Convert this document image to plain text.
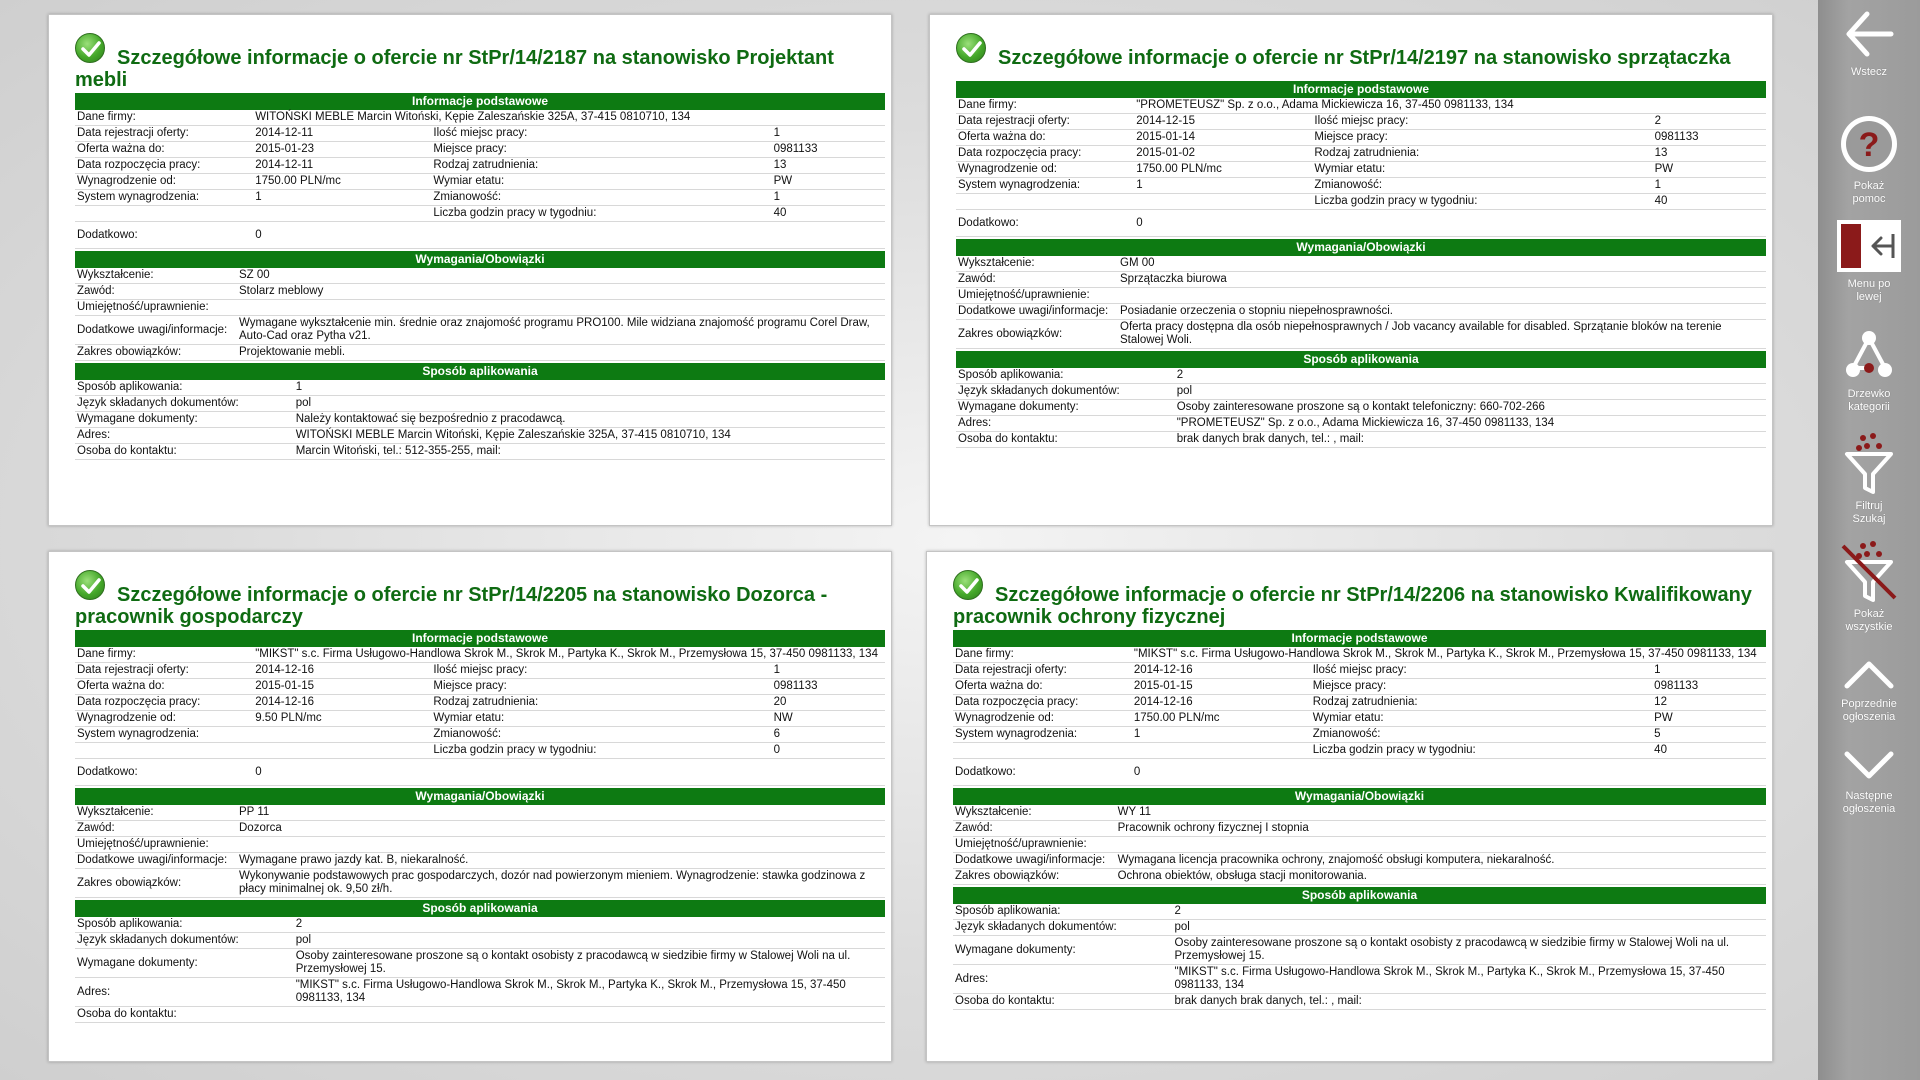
Szczegółowe informacje o ofercie nr StPr/14/2187 na stanowisko Projektant mebli
Informacje podstawowe
Dane firmy:	WITOŃSKI MEBLE Marcin Witoński, Kępie Zaleszańskie 325A, 37-415 0810710, 134		
Data rejestracji oferty:	2014-12-11	Ilość miejsc pracy:	1
Oferta ważna do:	2015-01-23	Miejsce pracy:	0981133
Data rozpoczęcia pracy:	2014-12-11	Rodzaj zatrudnienia:	13
Wynagrodzenie od:	1750.00 PLN/mc	Wymiar etatu:	PW
System wynagrodzenia:	1	Zmianowość:	1
		Liczba godzin pracy w tygodniu:	40
Dodatkowo:	0		
Wymagania/Obowiązki
Wykształcenie:	SZ 00
Zawód:	Stolarz meblowy
Umiejętność/uprawnienie:	
Dodatkowe uwagi/informacje:	Wymagane wykształcenie min. średnie oraz znajomość programu PRO100. Mile widziana znajomość programu Corel Draw, Auto-Cad oraz Pytha v21.
Zakres obowiązków:	Projektowanie mebli.
Sposób aplikowania
Sposób aplikowania:	1
Język składanych dokumentów:	pol
Wymagane dokumenty:	Należy kontaktować się bezpośrednio z pracodawcą.
Adres:	WITOŃSKI MEBLE Marcin Witoński, Kępie Zaleszańskie 325A, 37-415 0810710, 134
Osoba do kontaktu:	Marcin Witoński, tel.: 512-355-255, mail:
Szczegółowe informacje o ofercie nr StPr/14/2197 na stanowisko sprzątaczka
Informacje podstawowe
Dane firmy:	"PROMETEUSZ" Sp. z o.o., Adama Mickiewicza 16, 37-450 0981133, 134		
Data rejestracji oferty:	2014-12-15	Ilość miejsc pracy:	2
Oferta ważna do:	2015-01-14	Miejsce pracy:	0981133
Data rozpoczęcia pracy:	2015-01-02	Rodzaj zatrudnienia:	13
Wynagrodzenie od:	1750.00 PLN/mc	Wymiar etatu:	PW
System wynagrodzenia:	1	Zmianowość:	1
		Liczba godzin pracy w tygodniu:	40
Dodatkowo:	0		
Wymagania/Obowiązki
Wykształcenie:	GM 00
Zawód:	Sprzątaczka biurowa
Umiejętność/uprawnienie:	
Dodatkowe uwagi/informacje:	Posiadanie orzeczenia o stopniu niepełnosprawności.
Zakres obowiązków:	Oferta pracy dostępna dla osób niepełnosprawnych / Job vacancy available for disabled. Sprzątanie bloków na terenie Stalowej Woli.
Sposób aplikowania
Sposób aplikowania:	2
Język składanych dokumentów:	pol
Wymagane dokumenty:	Osoby zainteresowane proszone są o kontakt telefoniczny: 660-702-266
Adres:	"PROMETEUSZ" Sp. z o.o., Adama Mickiewicza 16, 37-450 0981133, 134
Osoba do kontaktu:	brak danych brak danych, tel.: , mail:
Szczegółowe informacje o ofercie nr StPr/14/2205 na stanowisko Dozorca - pracownik gospodarczy
Informacje podstawowe
Dane firmy:	"MIKST" s.c. Firma Usługowo-Handlowa Skrok M., Skrok M., Partyka K., Skrok M., Przemysłowa 15, 37-450 0981133, 134		
Data rejestracji oferty:	2014-12-16	Ilość miejsc pracy:	1
Oferta ważna do:	2015-01-15	Miejsce pracy:	0981133
Data rozpoczęcia pracy:	2014-12-16	Rodzaj zatrudnienia:	20
Wynagrodzenie od:	9.50 PLN/mc	Wymiar etatu:	NW
System wynagrodzenia:		Zmianowość:	6
		Liczba godzin pracy w tygodniu:	0
Dodatkowo:	0		
Wymagania/Obowiązki
Wykształcenie:	PP 11
Zawód:	Dozorca
Umiejętność/uprawnienie:	
Dodatkowe uwagi/informacje:	Wymagane prawo jazdy kat. B, niekaralność.
Zakres obowiązków:	Wykonywanie podstawowych prac gospodarczych, dozór nad powierzonym mieniem. Wynagrodzenie: stawka godzinowa z płacy minimalnej ok. 9,50 zł/h.
Sposób aplikowania
Sposób aplikowania:	2
Język składanych dokumentów:	pol
Wymagane dokumenty:	Osoby zainteresowane proszone są o kontakt osobisty z pracodawcą w siedzibie firmy w Stalowej Woli na ul. Przemysłowej 15.
Adres:	"MIKST" s.c. Firma Usługowo-Handlowa Skrok M., Skrok M., Partyka K., Skrok M., Przemysłowa 15, 37-450 0981133, 134
Osoba do kontaktu:	
Szczegółowe informacje o ofercie nr StPr/14/2206 na stanowisko Kwalifikowany pracownik ochrony fizycznej
Informacje podstawowe
Dane firmy:	"MIKST" s.c. Firma Usługowo-Handlowa Skrok M., Skrok M., Partyka K., Skrok M., Przemysłowa 15, 37-450 0981133, 134		
Data rejestracji oferty:	2014-12-16	Ilość miejsc pracy:	1
Oferta ważna do:	2015-01-15	Miejsce pracy:	0981133
Data rozpoczęcia pracy:	2014-12-16	Rodzaj zatrudnienia:	12
Wynagrodzenie od:	1750.00 PLN/mc	Wymiar etatu:	PW
System wynagrodzenia:	1	Zmianowość:	5
		Liczba godzin pracy w tygodniu:	40
Dodatkowo:	0		
Wymagania/Obowiązki
Wykształcenie:	WY 11
Zawód:	Pracownik ochrony fizycznej I stopnia
Umiejętność/uprawnienie:	
Dodatkowe uwagi/informacje:	Wymagana licencja pracownika ochrony, znajomość obsługi komputera, niekaralność.
Zakres obowiązków:	Ochrona obiektów, obsługa stacji monitorowania.
Sposób aplikowania
Sposób aplikowania:	2
Język składanych dokumentów:	pol
Wymagane dokumenty:	Osoby zainteresowane proszone są o kontakt osobisty z pracodawcą w siedzibie firmy w Stalowej Woli na ul. Przemysłowej 15.
Adres:	"MIKST" s.c. Firma Usługowo-Handlowa Skrok M., Skrok M., Partyka K., Skrok M., Przemysłowa 15, 37-450 0981133, 134
Osoba do kontaktu:	brak danych brak danych, tel.: , mail:
Wstecz
?
Pokaż pomoc
Menu po lewej
Drzewko kategorii
Filtruj Szukaj
Pokaż wszystkie
Poprzednie ogłoszenia
Następne ogłoszenia
